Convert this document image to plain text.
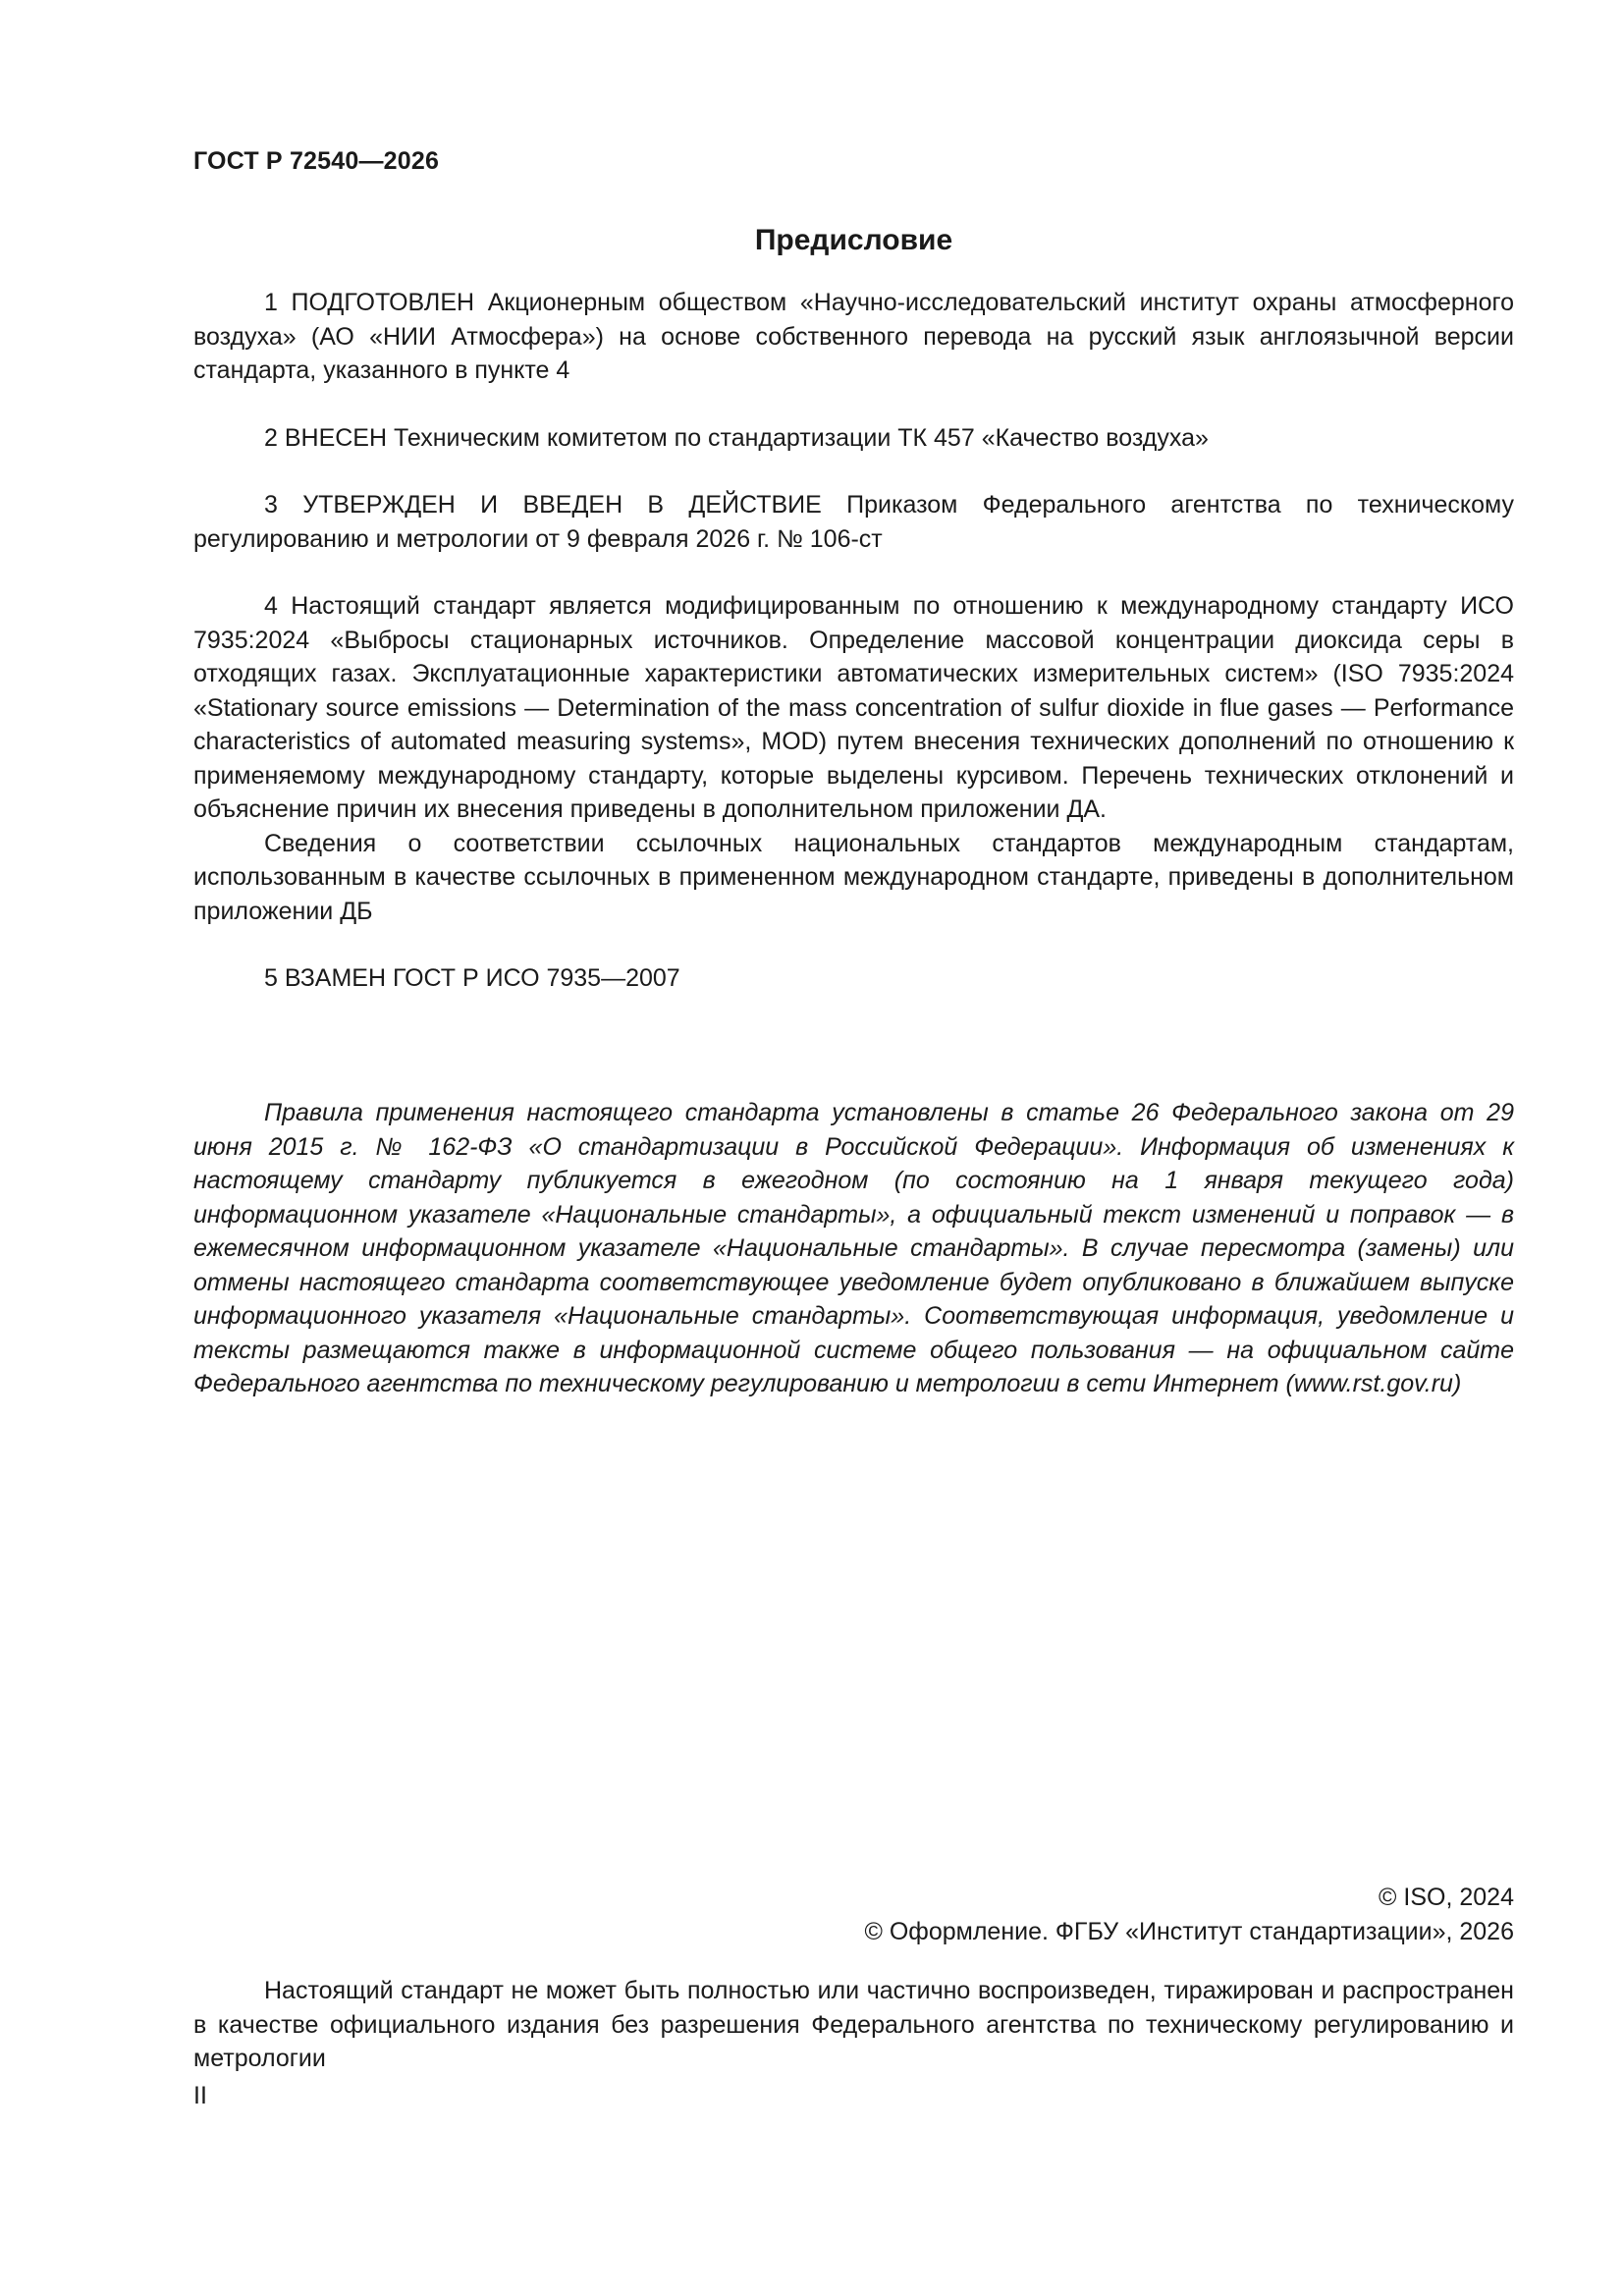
ГОСТ Р 72540—2026
Предисловие

1 ПОДГОТОВЛЕН Акционерным обществом «Научно-исследовательский институт охраны атмосферного воздуха» (АО «НИИ Атмосфера») на основе собственного перевода на русский язык англоязычной версии стандарта, указанного в пункте 4

2 ВНЕСЕН Техническим комитетом по стандартизации ТК 457 «Качество воздуха»

3 УТВЕРЖДЕН И ВВЕДЕН В ДЕЙСТВИЕ Приказом Федерального агентства по техническому регулированию и метрологии от 9 февраля 2026 г. № 106-ст

4 Настоящий стандарт является модифицированным по отношению к международному стандарту ИСО 7935:2024 «Выбросы стационарных источников. Определение массовой концентрации диоксида серы в отходящих газах. Эксплуатационные характеристики автоматических измерительных систем» (ISO 7935:2024 «Stationary source emissions — Determination of the mass concentration of sulfur dioxide in flue gases — Performance characteristics of automated measuring systems», MOD) путем внесения технических дополнений по отношению к применяемому международному стандарту, которые выделены курсивом. Перечень технических отклонений и объяснение причин их внесения приведены в дополнительном приложении ДА.

Сведения о соответствии ссылочных национальных стандартов международным стандартам, использованным в качестве ссылочных в примененном международном стандарте, приведены в дополнительном приложении ДБ

5 ВЗАМЕН ГОСТ Р ИСО 7935—2007

Правила применения настоящего стандарта установлены в статье 26 Федерального закона от 29 июня 2015 г. № 162-ФЗ «О стандартизации в Российской Федерации». Информация об изменениях к настоящему стандарту публикуется в ежегодном (по состоянию на 1 января текущего года) информационном указателе «Национальные стандарты», а официальный текст изменений и поправок — в ежемесячном информационном указателе «Национальные стандарты». В случае пересмотра (замены) или отмены настоящего стандарта соответствующее уведомление будет опубликовано в ближайшем выпуске информационного указателя «Национальные стандарты». Соответствующая информация, уведомление и тексты размещаются также в информационной системе общего пользования — на официальном сайте Федерального агентства по техническому регулированию и метрологии в сети Интернет (www.rst.gov.ru)

© ISO, 2024
© Оформление. ФГБУ «Институт стандартизации», 2026

Настоящий стандарт не может быть полностью или частично воспроизведен, тиражирован и распространен в качестве официального издания без разрешения Федерального агентства по техническому регулированию и метрологии

II
